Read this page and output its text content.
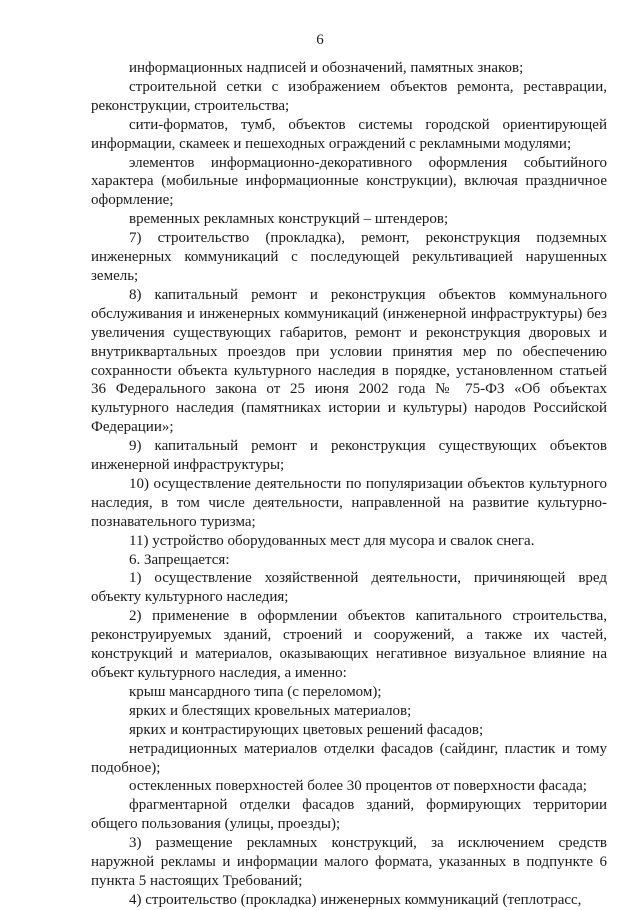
6

информационных надписей и обозначений, памятных знаков;

строительной сетки с изображением объектов ремонта, реставрации, реконструкции, строительства;

сити-форматов, тумб, объектов системы городской ориентирующей информации, скамеек и пешеходных ограждений с рекламными модулями;

элементов информационно-декоративного оформления событийного характера (мобильные информационные конструкции), включая праздничное оформление;

временных рекламных конструкций – штендеров;

7) строительство (прокладка), ремонт, реконструкция подземных инженерных коммуникаций с последующей рекультивацией нарушенных земель;

8) капитальный ремонт и реконструкция объектов коммунального обслуживания и инженерных коммуникаций (инженерной инфраструктуры) без увеличения существующих габаритов, ремонт и реконструкция дворовых и внутриквартальных проездов при условии принятия мер по обеспечению сохранности объекта культурного наследия в порядке, установленном статьей 36 Федерального закона от 25 июня 2002 года № 75-ФЗ «Об объектах культурного наследия (памятниках истории и культуры) народов Российской Федерации»;

9) капитальный ремонт и реконструкция существующих объектов инженерной инфраструктуры;

10) осуществление деятельности по популяризации объектов культурного наследия, в том числе деятельности, направленной на развитие культурно-познавательного туризма;

11) устройство оборудованных мест для мусора и свалок снега.

6. Запрещается:

1) осуществление хозяйственной деятельности, причиняющей вред объекту культурного наследия;

2) применение в оформлении объектов капитального строительства, реконструируемых зданий, строений и сооружений, а также их частей, конструкций и материалов, оказывающих негативное визуальное влияние на объект культурного наследия, а именно:

крыш мансардного типа (с переломом);

ярких и блестящих кровельных материалов;

ярких и контрастирующих цветовых решений фасадов;

нетрадиционных материалов отделки фасадов (сайдинг, пластик и тому подобное);

остекленных поверхностей более 30 процентов от поверхности фасада;

фрагментарной отделки фасадов зданий, формирующих территории общего пользования (улицы, проезды);

3) размещение рекламных конструкций, за исключением средств наружной рекламы и информации малого формата, указанных в подпункте 6 пункта 5 настоящих Требований;

4) строительство (прокладка) инженерных коммуникаций (теплотрасс,
